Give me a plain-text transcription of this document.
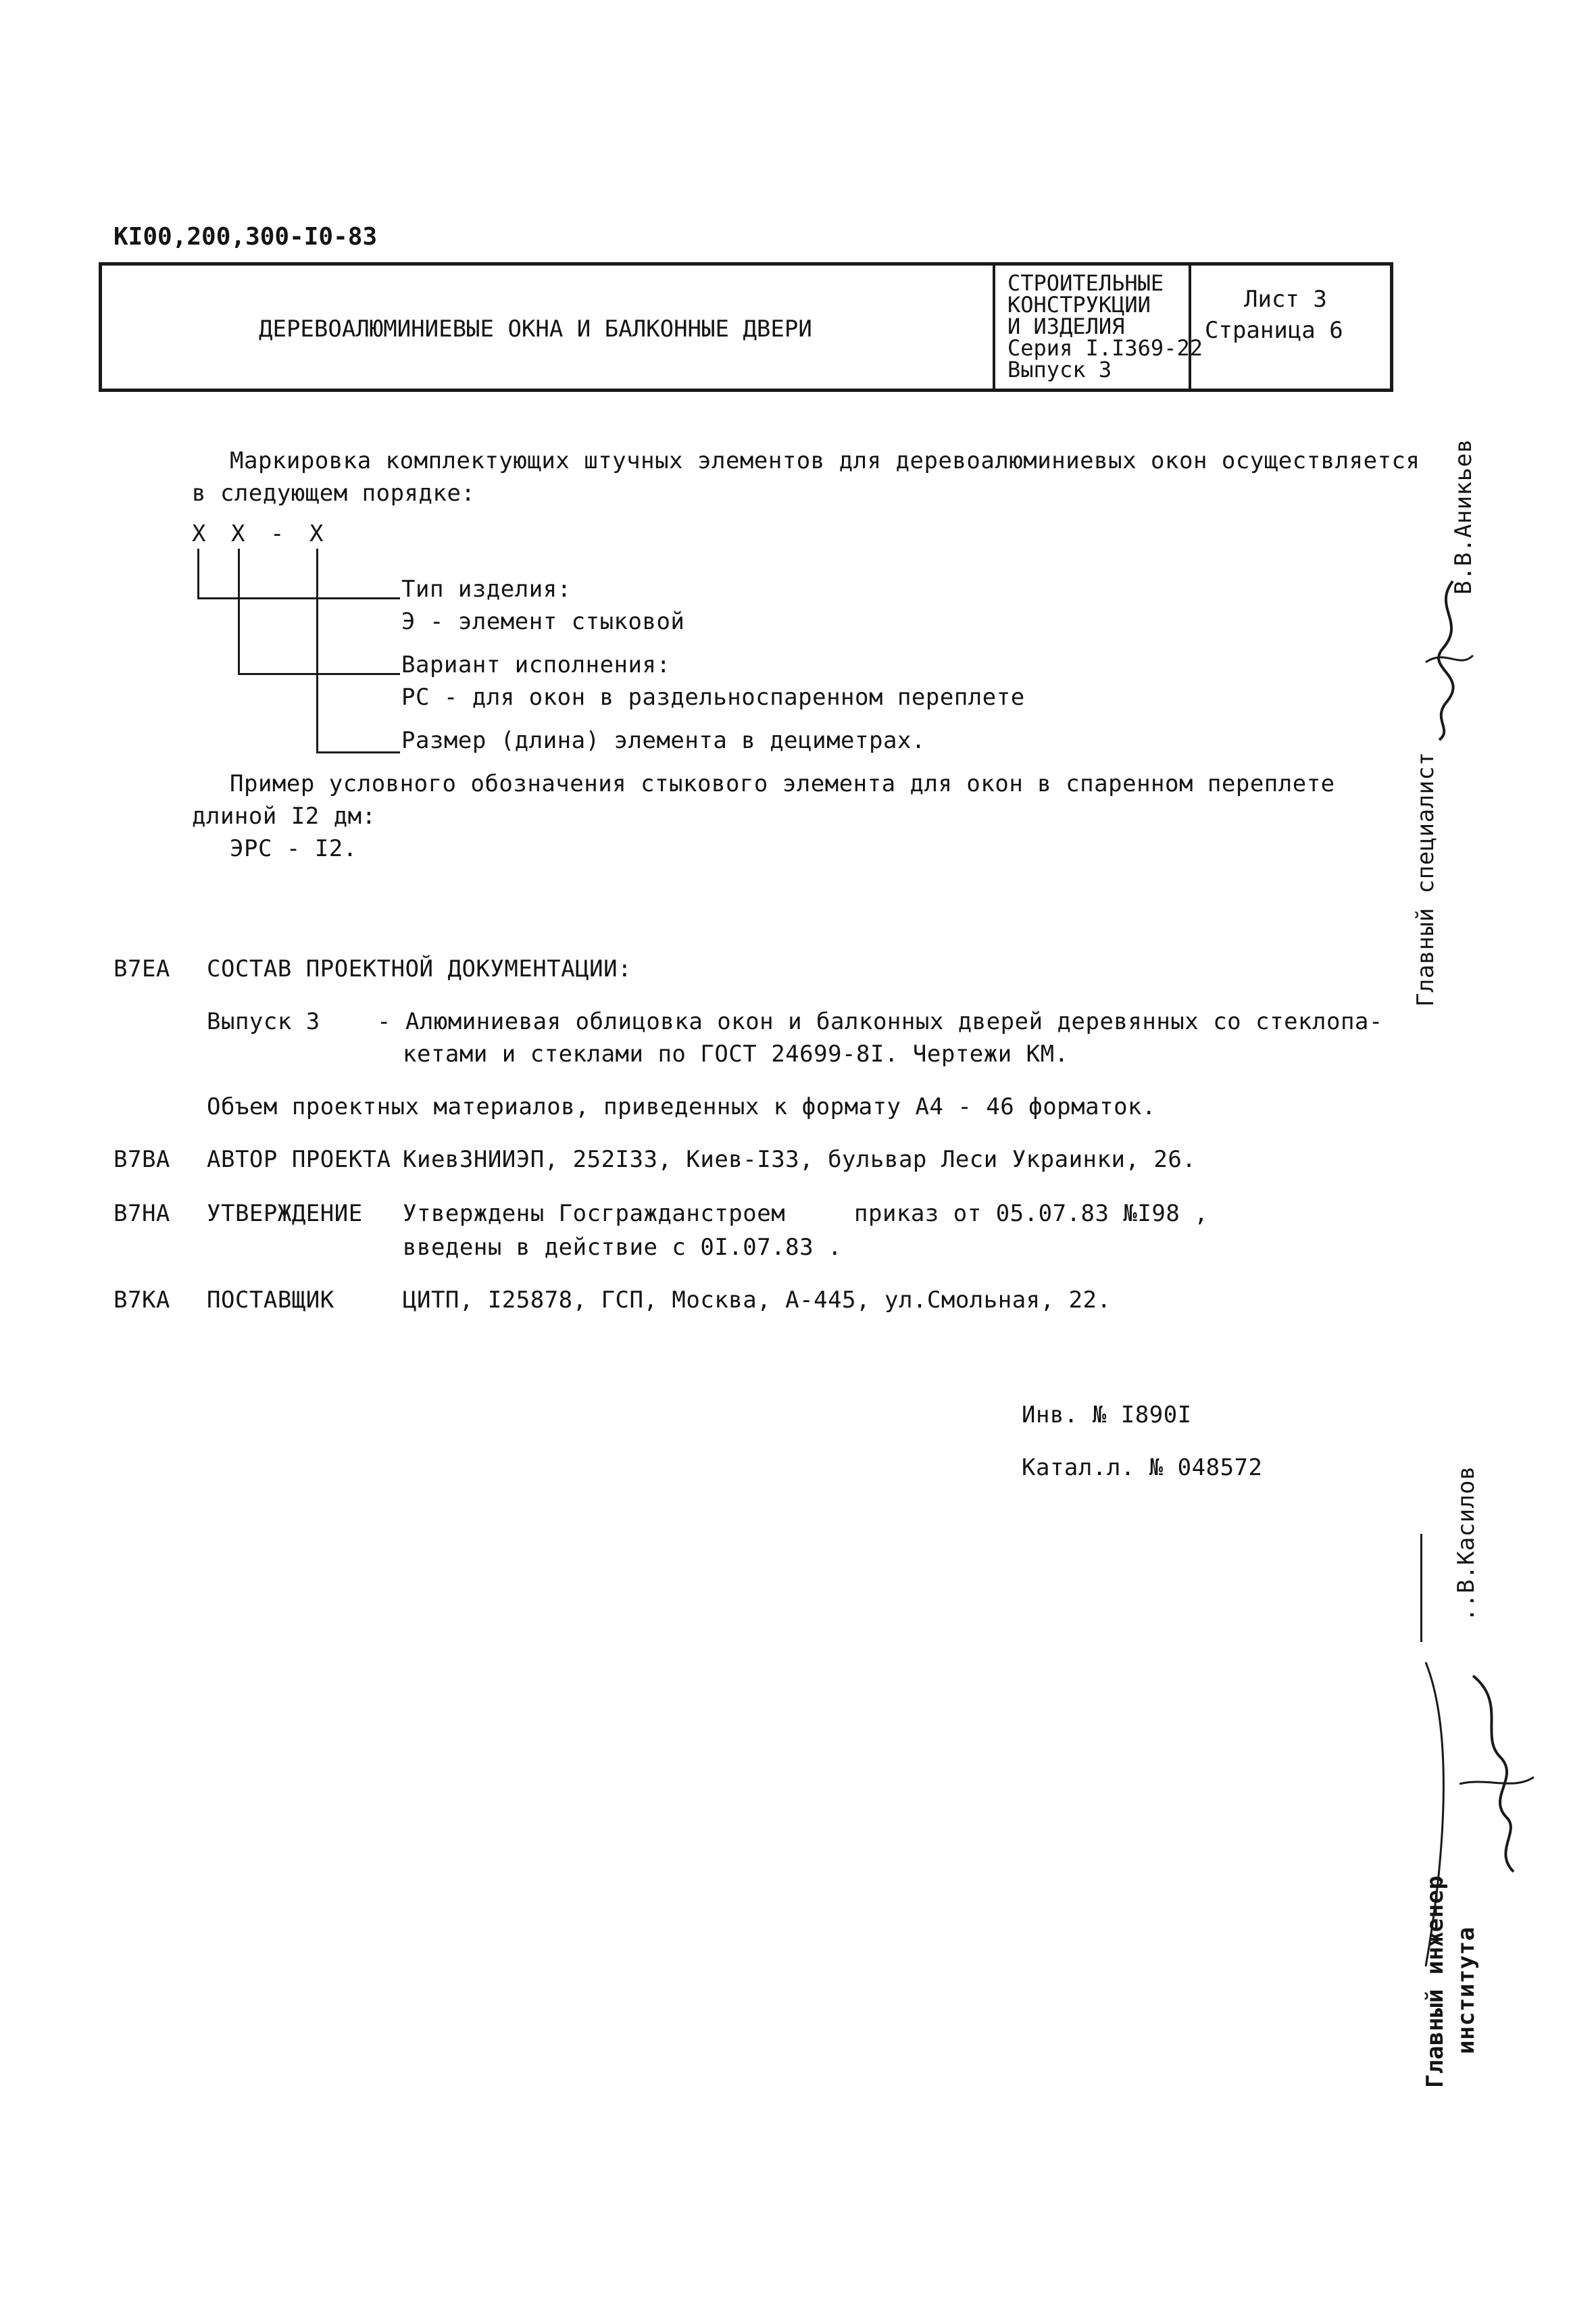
КI00,200,300-I0-83
ДЕРЕВОАЛЮМИНИЕВЫЕ ОКНА И БАЛКОННЫЕ ДВЕРИ
СТРОИТЕЛЬНЫЕ
КОНСТРУКЦИИ
И ИЗДЕЛИЯ
Серия I.I369-22
Выпуск 3
Лист 3
Страница 6
Маркировка комплектующих штучных элементов для деревоалюминиевых окон осуществляется
в следующем порядке:
Х Х - Х
Тип изделия:
Э - элемент стыковой
Вариант исполнения:
РС - для окон в раздельноспаренном переплете
Размер (длина) элемента в дециметрах.
Пример условного обозначения стыкового элемента для окон в спаренном переплете
длиной I2 дм:
ЭРС - I2.
В7ЕА СОСТАВ ПРОЕКТНОЙ ДОКУМЕНТАЦИИ:
Выпуск 3 - Алюминиевая облицовка окон и балконных дверей деревянных со стеклопа-
кетами и стеклами по ГОСТ 24699-8I. Чертежи КМ.
Объем проектных материалов, приведенных к формату А4 - 46 форматок.
В7ВА АВТОР ПРОЕКТА КиевЗНИИЭП, 252I33, Киев-I33, бульвар Леси Украинки, 26.
В7НА УТВЕРЖДЕНИЕ Утверждены Госгражданстроем	приказ от 05.07.83 №I98 ,
введены в действие с 0I.07.83 .
В7КА ПОСТАВЩИК	ЦИТП, I25878, ГСП, Москва, А-445, ул.Смольная, 22.
Инв. № I890I
Катал.л. № 048572
В.В.Аникьев
Главный специалист
..В.Касилов
Главный инженер института
